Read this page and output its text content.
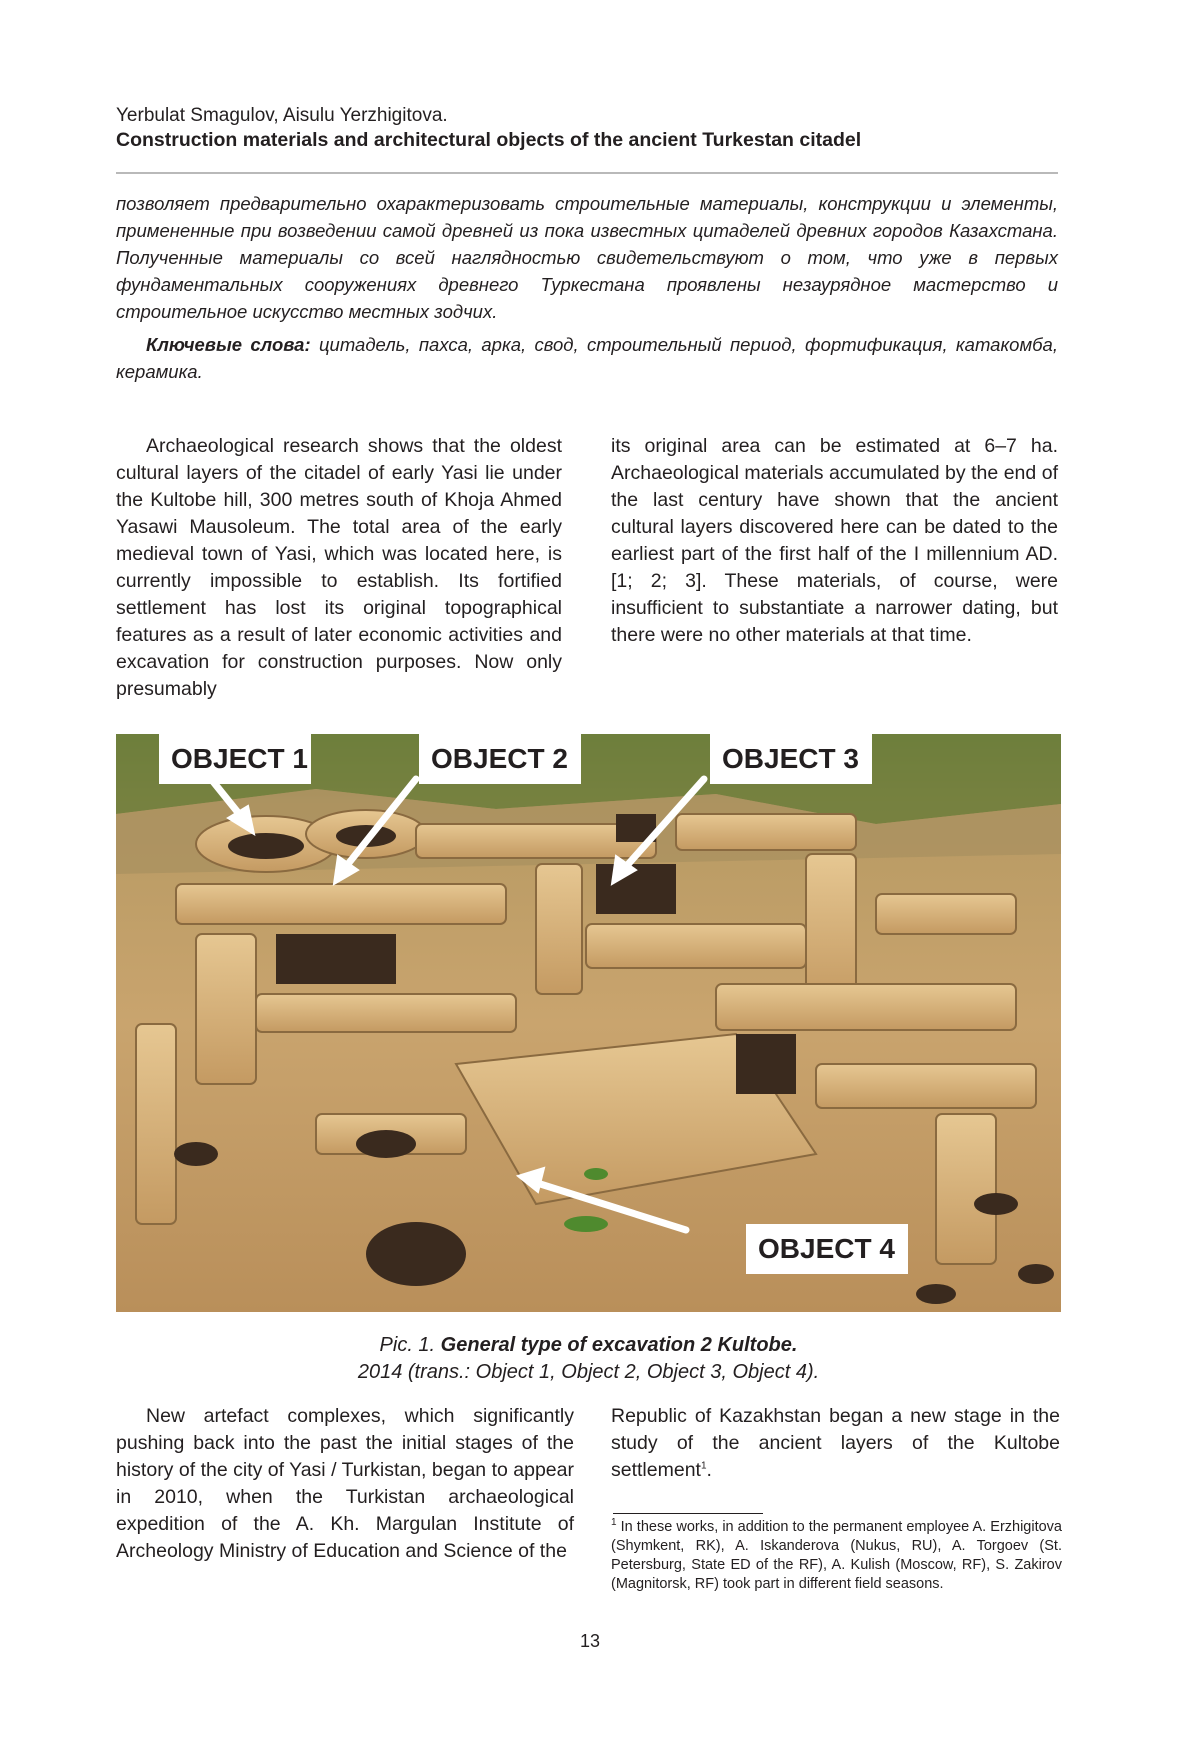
Yerbulat Smagulov, Aisulu Yerzhigitova.
Construction materials and architectural objects of the ancient Turkestan citadel

позволяет предварительно охарактеризовать строительные материалы, конструкции и элементы, примененные при возведении самой древней из пока известных цитаделей древних городов Казахстана. Полученные материалы со всей наглядностью свидетельствуют о том, что уже в первых фундаментальных сооружениях древнего Туркестана проявлены незаурядное мастерство и строительное искусство местных зодчих.

Ключевые слова: цитадель, пахса, арка, свод, строительный период, фортификация, катакомба, керамика.

Archaeological research shows that the oldest cultural layers of the citadel of early Yasi lie under the Kultobe hill, 300 metres south of Khoja Ahmed Yasawi Mausoleum. The total area of the early medieval town of Yasi, which was located here, is currently impossible to establish. Its fortified settlement has lost its original topographical features as a result of later economic activities and excavation for construction purposes. Now only presumably

its original area can be estimated at 6–7 ha. Archaeological materials accumulated by the end of the last century have shown that the ancient cultural layers discovered here can be dated to the earliest part of the first half of the I millennium AD. [1; 2; 3]. These materials, of course, were insufficient to substantiate a narrower dating, but there were no other materials at that time.

OBJECT 1	OBJECT 2	OBJECT 3
OBJECT 4
Pic. 1. General type of excavation 2 Kultobe.
2014 (trans.: Object 1, Object 2, Object 3, Object 4).

New artefact complexes, which significantly pushing back into the past the initial stages of the history of the city of Yasi / Turkistan, began to appear in 2010, when the Turkistan archaeological expedition of the A. Kh. Margulan Institute of Archeology Ministry of Education and Science of the

Republic of Kazakhstan began a new stage in the study of the ancient layers of the Kultobe settlement$^1$.

$^1$ In these works, in addition to the permanent employee A. Erzhigitova (Shymkent, RK), A. Iskanderova (Nukus, RU), A. Torgoev (St. Petersburg, State ED of the RF), A. Kulish (Moscow, RF), S. Zakirov (Magnitorsk, RF) took part in different field seasons.
13
